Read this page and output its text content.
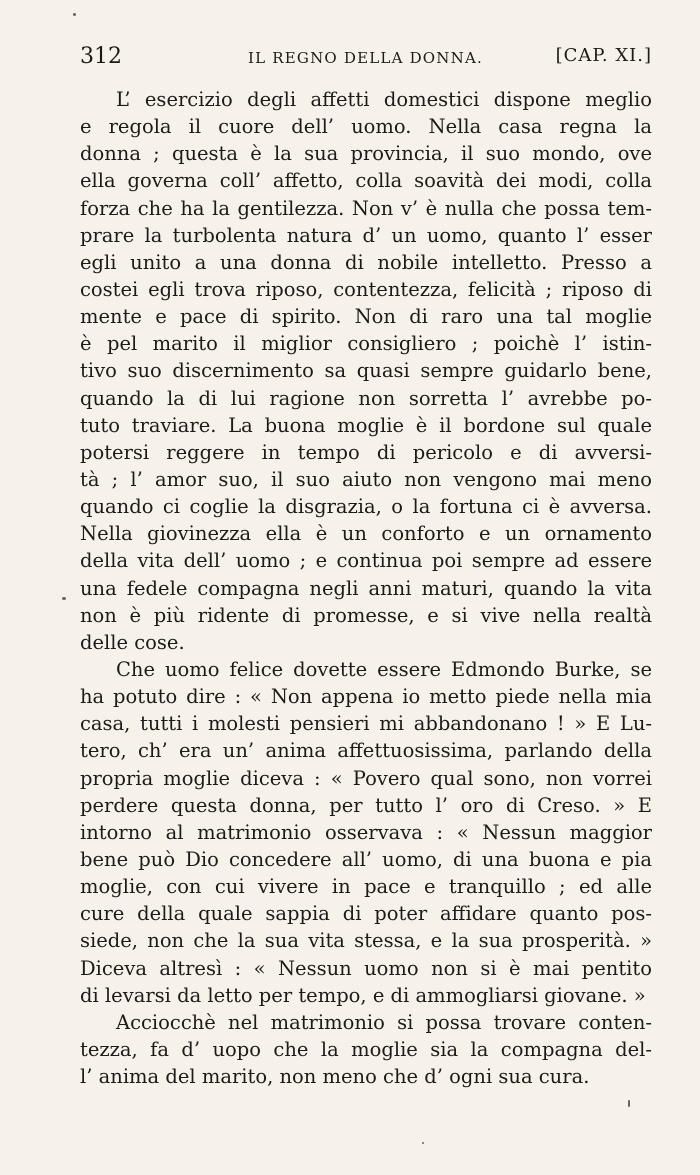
312	IL REGNO DELLA DONNA.	[CAP. XI.]
L’ esercizio degli affetti domestici dispone meglio
e regola il cuore dell’ uomo. Nella casa regna la
donna ; questa è la sua provincia, il suo mondo, ove
ella governa coll’ affetto, colla soavità dei modi, colla
forza che ha la gentilezza. Non v’ è nulla che possa tem-
prare la turbolenta natura d’ un uomo, quanto l’ esser
egli unito a una donna di nobile intelletto. Presso a
costei egli trova riposo, contentezza, felicità ; riposo di
mente e pace di spirito. Non di raro una tal moglie
è pel marito il miglior consigliero ; poichè l’ istin-
tivo suo discernimento sa quasi sempre guidarlo bene,
quando la di lui ragione non sorretta l’ avrebbe po-
tuto traviare. La buona moglie è il bordone sul quale
potersi reggere in tempo di pericolo e di avversi-
tà ; l’ amor suo, il suo aiuto non vengono mai meno
quando ci coglie la disgrazia, o la fortuna ci è avversa.
Nella giovinezza ella è un conforto e un ornamento
della vita dell’ uomo ; e continua poi sempre ad essere
una fedele compagna negli anni maturi, quando la vita
non è più ridente di promesse, e si vive nella realtà
delle cose.
Che uomo felice dovette essere Edmondo Burke, se
ha potuto dire : « Non appena io metto piede nella mia
casa, tutti i molesti pensieri mi abbandonano ! » E Lu-
tero, ch’ era un’ anima affettuosissima, parlando della
propria moglie diceva : « Povero qual sono, non vorrei
perdere questa donna, per tutto l’ oro di Creso. » E
intorno al matrimonio osservava : « Nessun maggior
bene può Dio concedere all’ uomo, di una buona e pia
moglie, con cui vivere in pace e tranquillo ; ed alle
cure della quale sappia di poter affidare quanto pos-
siede, non che la sua vita stessa, e la sua prosperità. »
Diceva altresì : « Nessun uomo non si è mai pentito
di levarsi da letto per tempo, e di ammogliarsi giovane. »
Acciocchè nel matrimonio si possa trovare conten-
tezza, fa d’ uopo che la moglie sia la compagna del-
l’ anima del marito, non meno che d’ ogni sua cura.
